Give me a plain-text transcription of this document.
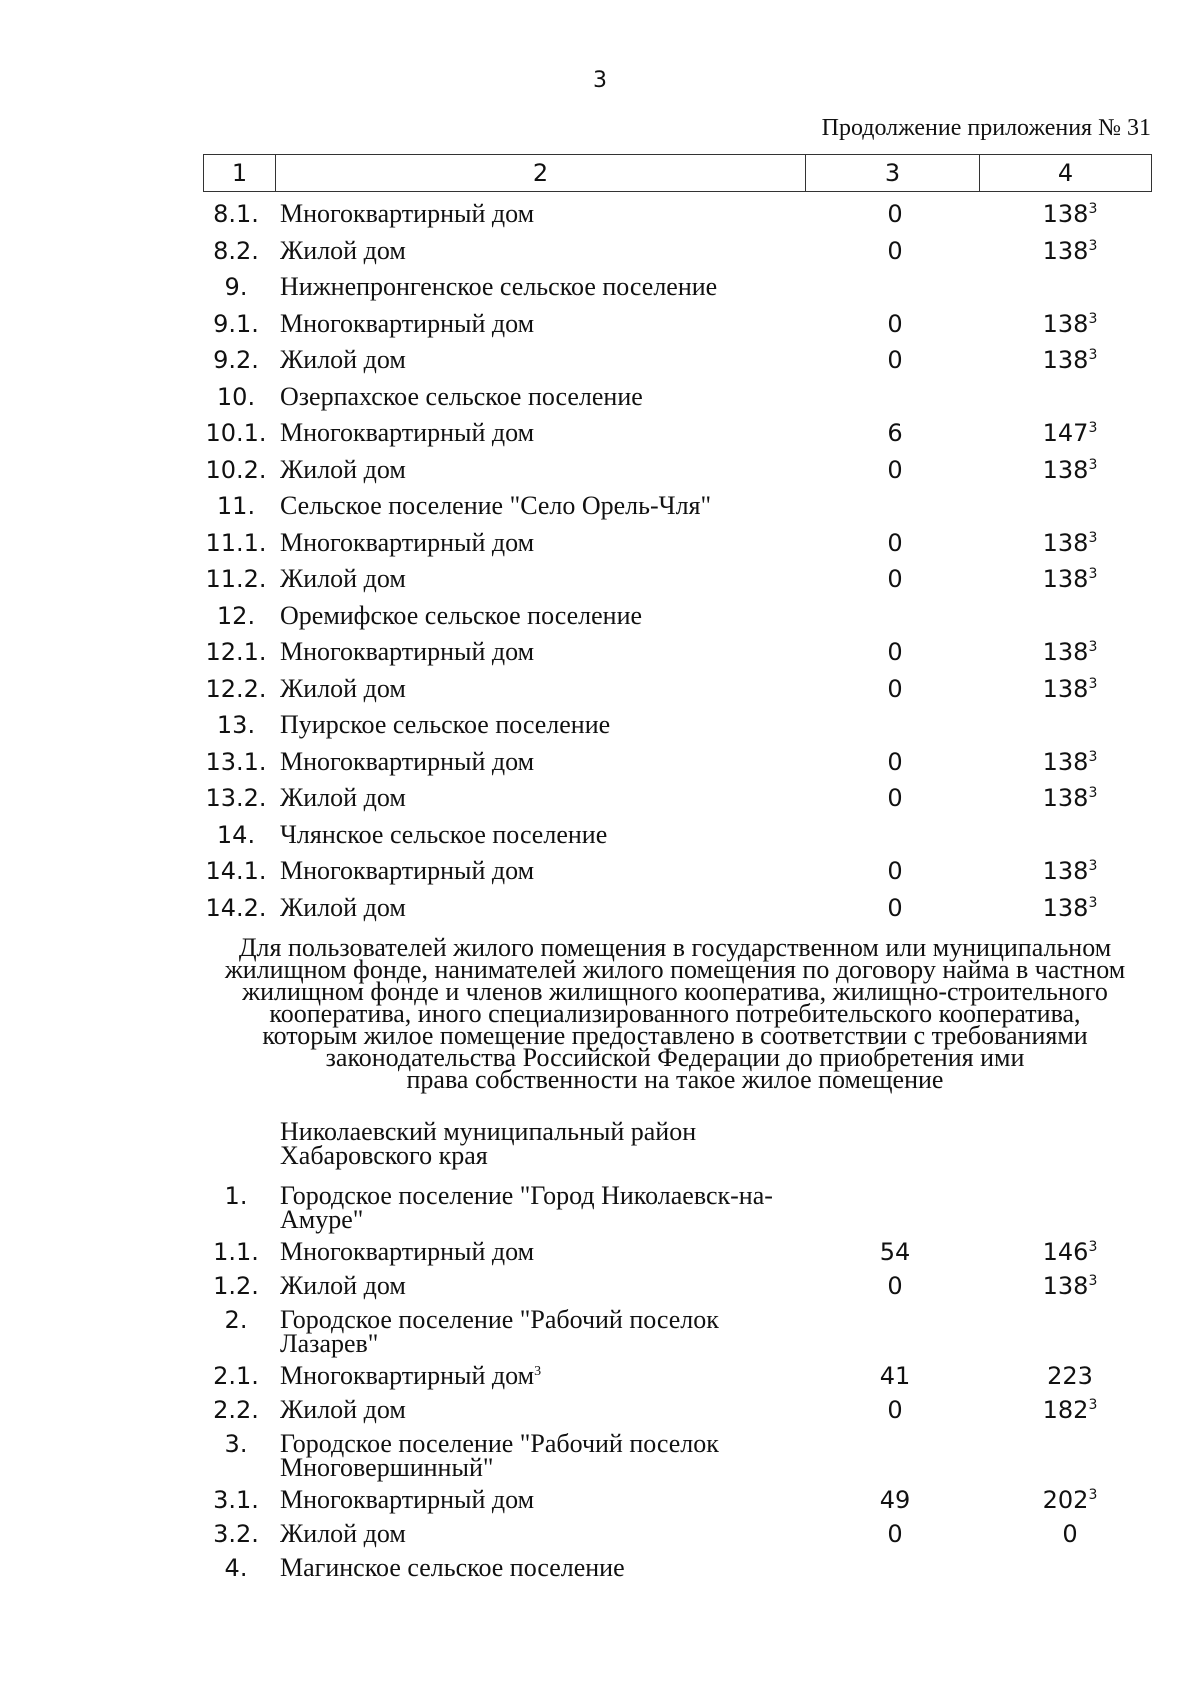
3
Продолжение приложения № 31
1	2	3	4
8.1. Многоквартирный дом	0	$138^3$
8.2. Жилой дом	0	$138^3$
9.	Нижнепронгенское сельское поселение
9.1. Многоквартирный дом	0	$138^3$
9.2. Жилой дом	0	$138^3$
10. Озерпахское сельское поселение
10.1. Многоквартирный дом	6	$147^3$
10.2. Жилой дом	0	$138^3$
11. Сельское поселение "Село Орель-Чля"
11.1. Многоквартирный дом	0	$138^3$
11.2. Жилой дом	0	$138^3$
12. Оремифское сельское поселение
12.1. Многоквартирный дом	0	$138^3$
12.2. Жилой дом	0	$138^3$
13. Пуирское сельское поселение
13.1. Многоквартирный дом	0	$138^3$
13.2. Жилой дом	0	$138^3$
14. Члянское сельское поселение
14.1. Многоквартирный дом	0	$138^3$
14.2. Жилой дом	0	$138^3$
Для пользователей жилого помещения в государственном или муниципальном
жилищном фонде, нанимателей жилого помещения по договору найма в частном
жилищном фонде и членов жилищного кооператива, жилищно-строительного
кооператива, иного специализированного потребительского кооператива,
которым жилое помещение предоставлено в соответствии с требованиями
законодательства Российской Федерации до приобретения ими
права собственности на такое жилое помещение
Николаевский муниципальный район
Хабаровского края
1.	Городское поселение "Город Николаевск-на-
Амуре"
1.1. Многоквартирный дом	54	$146^3$
1.2. Жилой дом	0	$138^3$
2.	Городское поселение "Рабочий поселок
Лазарев"
2.1. Многоквартирный дом$^3$	41	223
2.2. Жилой дом	0	$182^3$
3.	Городское поселение "Рабочий поселок
Многовершинный"
3.1. Многоквартирный дом	49	$202^3$
3.2. Жилой дом	0	0
4.	Магинское сельское поселение
